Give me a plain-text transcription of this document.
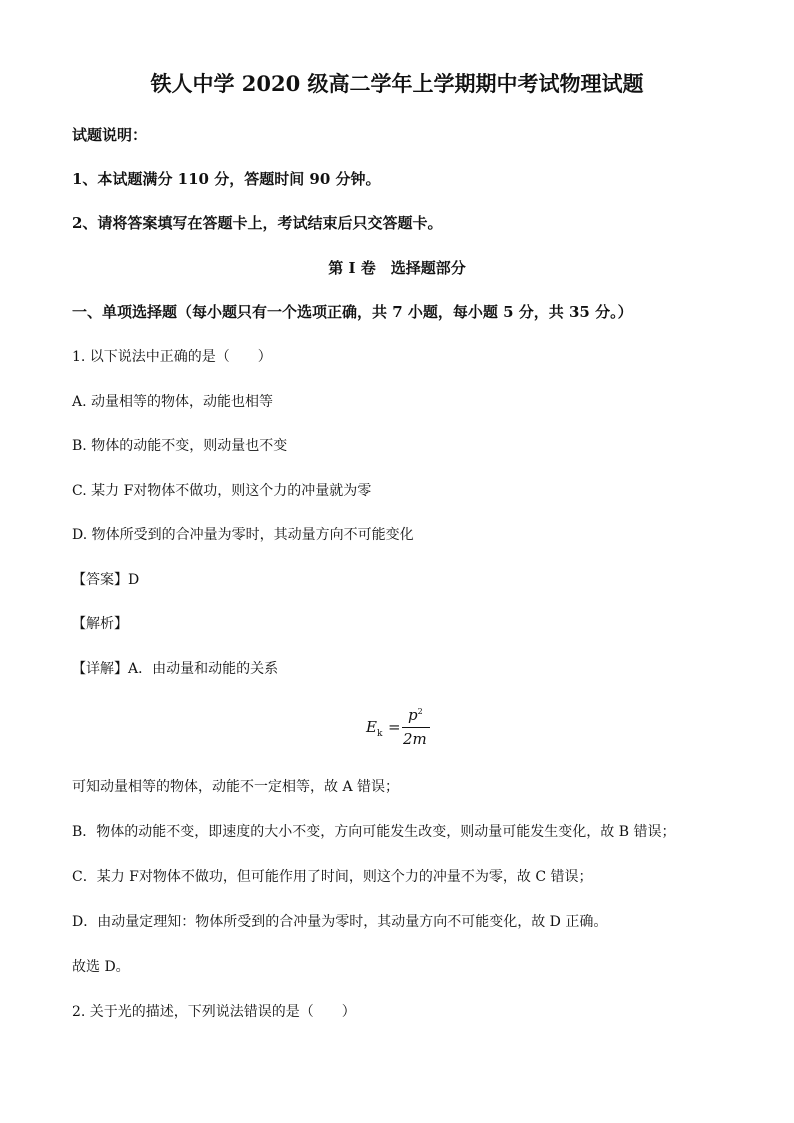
铁人中学 2020 级高二学年上学期期中考试物理试题
试题说明：
1、本试题满分 110 分，答题时间 90 分钟。
2、请将答案填写在答题卡上，考试结束后只交答题卡。
第 I 卷　选择题部分
一、单项选择题（每小题只有一个选项正确，共 7 小题，每小题 5 分，共 35 分。）
1. 以下说法中正确的是（　　）
A. 动量相等的物体，动能也相等
B. 物体的动能不变，则动量也不变
C. 某力 F对物体不做功，则这个力的冲量就为零
D. 物体所受到的合冲量为零时，其动量方向不可能变化
【答案】D
【解析】
【详解】A．由动量和动能的关系
$E_k$ =
$p^2$
2m
可知动量相等的物体，动能不一定相等，故 A 错误；
B．物体的动能不变，即速度的大小不变，方向可能发生改变，则动量可能发生变化，故 B 错误；
C．某力 F对物体不做功，但可能作用了时间，则这个力的冲量不为零，故 C 错误；
D．由动量定理知：物体所受到的合冲量为零时，其动量方向不可能变化，故 D 正确。
故选 D。
2. 关于光的描述，下列说法错误的是（　　）
